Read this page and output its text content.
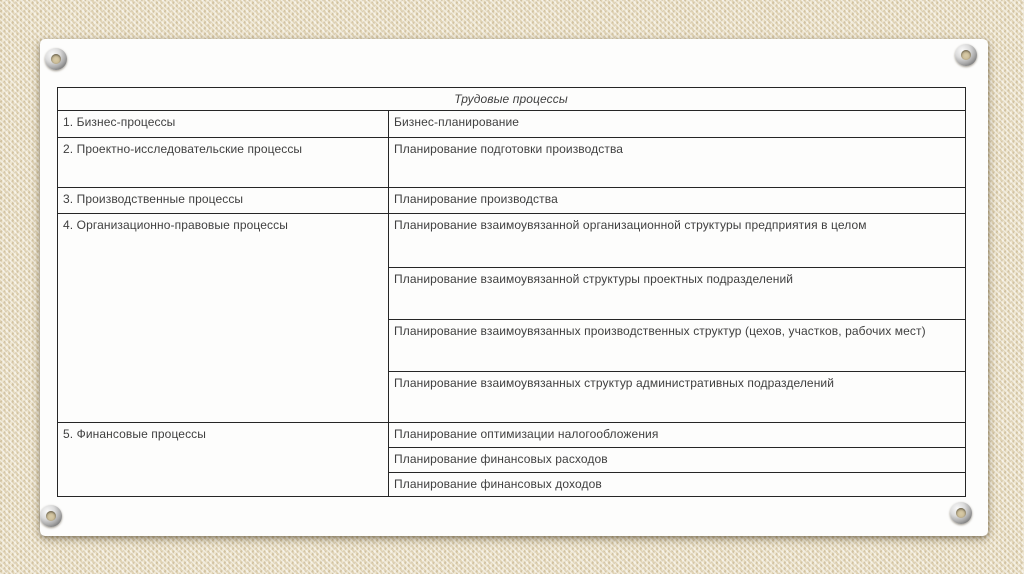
Трудовые процессы	
1. Бизнес-процессы	Бизнес-планирование
2. Проектно-исследовательские процессы	Планирование подготовки производства
3. Производственные процессы	Планирование производства
4. Организационно-правовые процессы	Планирование взаимоувязанной организационной структуры предприятия в целом
	Планирование взаимоувязанной структуры проектных подразделений
	Планирование взаимоувязанных производственных структур (цехов, участков, рабочих мест)
	Планирование взаимоувязанных структур административных подразделений
5. Финансовые процессы	Планирование оптимизации налогообложения
	Планирование финансовых расходов
	Планирование финансовых доходов
